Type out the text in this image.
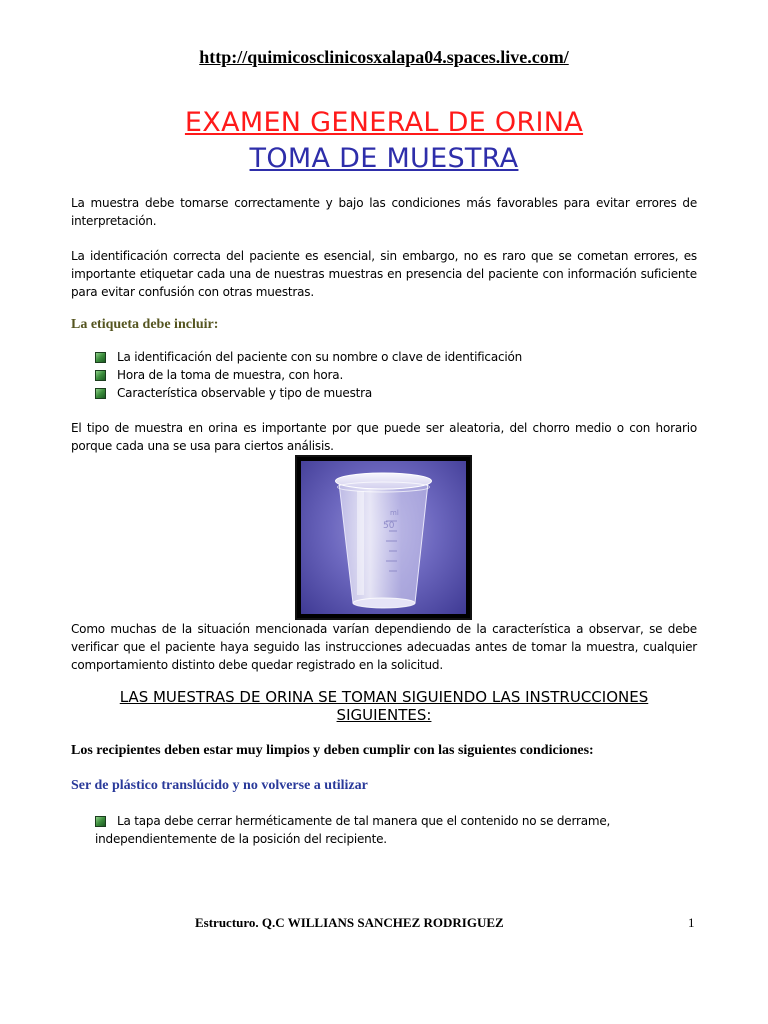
http://quimicosclinicosxalapa04.spaces.live.com/
EXAMEN GENERAL DE ORINA
TOMA DE MUESTRA

La muestra debe tomarse correctamente y bajo las condiciones más favorables para evitar errores de interpretación.

La identificación correcta del paciente es esencial, sin embargo, no es raro que se cometan errores, es importante etiquetar cada una de nuestras muestras en presencia del paciente con información suficiente para evitar confusión con otras muestras.

La etiqueta debe incluir:
La identificación del paciente con su nombre o clave de identificación
Hora de la toma de muestra, con hora.
Característica observable y tipo de muestra

El tipo de muestra en orina es importante por que puede ser aleatoria, del chorro medio o con horario porque cada una se usa para ciertos análisis.

ml
50

Como muchas de la situación mencionada varían dependiendo de la característica a observar, se debe verificar que el paciente haya seguido las instrucciones adecuadas antes de tomar la muestra, cualquier comportamiento distinto debe quedar registrado en la solicitud.

LAS MUESTRAS DE ORINA SE TOMAN SIGUIENDO LAS INSTRUCCIONES
SIGUIENTES:
Los recipientes deben estar muy limpios y deben cumplir con las siguientes condiciones:
Ser de plástico translúcido y no volverse a utilizar

La tapa debe cerrar herméticamente de tal manera que el contenido no se derrame,
independientemente de la posición del recipiente.

Estructuro. Q.C WILLIANS SANCHEZ RODRIGUEZ	1
